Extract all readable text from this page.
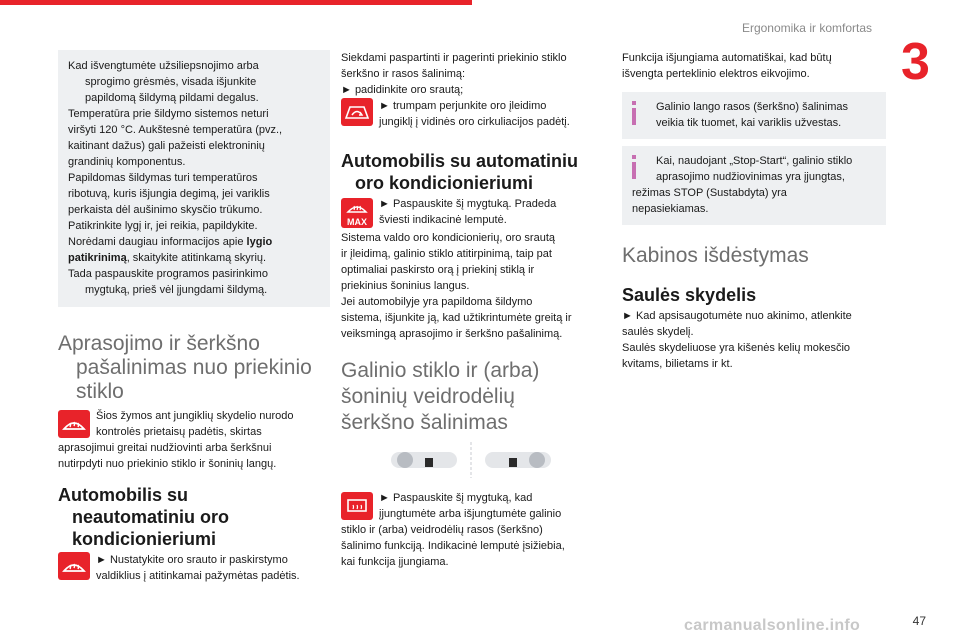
Ergonomika ir komfortas
3

Kad išvengtumėte užsiliepsnojimo arba

sprogimo grėsmės, visada išjunkite

papildomą šildymą pildami degalus.

Temperatūra prie šildymo sistemos neturi

viršyti 120 °C. Aukštesnė temperatūra (pvz.,

kaitinant dažus) gali pažeisti elektroninių

grandinių komponentus.

Papildomas šildymas turi temperatūros

ribotuvą, kuris išjungia degimą, jei variklis

perkaista dėl aušinimo skysčio trūkumo.

Patikrinkite lygį ir, jei reikia, papildykite.

Norėdami daugiau informacijos apie lygio

patikrinimą, skaitykite atitinkamą skyrių.

Tada paspauskite programos pasirinkimo

mygtuką, prieš vėl įjungdami šildymą.

Aprasojimo ir šerkšno

pašalinimas nuo priekinio

stiklo

Šios žymos ant jungiklių skydelio nurodo

kontrolės prietaisų padėtis, skirtas

aprasojimui greitai nudžiovinti arba šerkšnui

nutirpdyti nuo priekinio stiklo ir šoninių langų.

Automobilis su

neautomatiniu oro

kondicionieriumi

► Nustatykite oro srauto ir paskirstymo

valdiklius į atitinkamai pažymėtas padėtis.

Siekdami paspartinti ir pagerinti priekinio stiklo

šerkšno ir rasos šalinimą:

► padidinkite oro srautą;

► trumpam perjunkite oro įleidimo

jungiklį į vidinės oro cirkuliacijos padėtį.

Automobilis su automatiniu

oro kondicionieriumi

MAX

► Paspauskite šį mygtuką. Pradeda

šviesti indikacinė lemputė.

Sistema valdo oro kondicionierių, oro srautą

ir įleidimą, galinio stiklo atitirpinimą, taip pat

optimaliai paskirsto orą į priekinį stiklą ir

priekinius šoninius langus.

Jei automobilyje yra papildoma šildymo

sistema, išjunkite ją, kad užtikrintumėte greitą ir

veiksmingą aprasojimo ir šerkšno pašalinimą.

Galinio stiklo ir (arba)

šoninių veidrodėlių

šerkšno šalinimas

► Paspauskite šį mygtuką, kad

įjungtumėte arba išjungtumėte galinio

stiklo ir (arba) veidrodėlių rasos (šerkšno)

šalinimo funkciją. Indikacinė lemputė įsižiebia,

kai funkcija įjungiama.

Funkcija išjungiama automatiškai, kad būtų

išvengta perteklinio elektros eikvojimo.

Galinio lango rasos (šerkšno) šalinimas

veikia tik tuomet, kai variklis užvestas.

Kai, naudojant „Stop-Start“, galinio stiklo

aprasojimo nudžiovinimas yra įjungtas,

režimas STOP (Sustabdyta) yra

nepasiekiamas.

Kabinos išdėstymas

Saulės skydelis

► Kad apsisaugotumėte nuo akinimo, atlenkite

saulės skydelį.

Saulės skydeliuose yra kišenės kelių mokesčio

kvitams, bilietams ir kt.

carmanualsonline.info	47
